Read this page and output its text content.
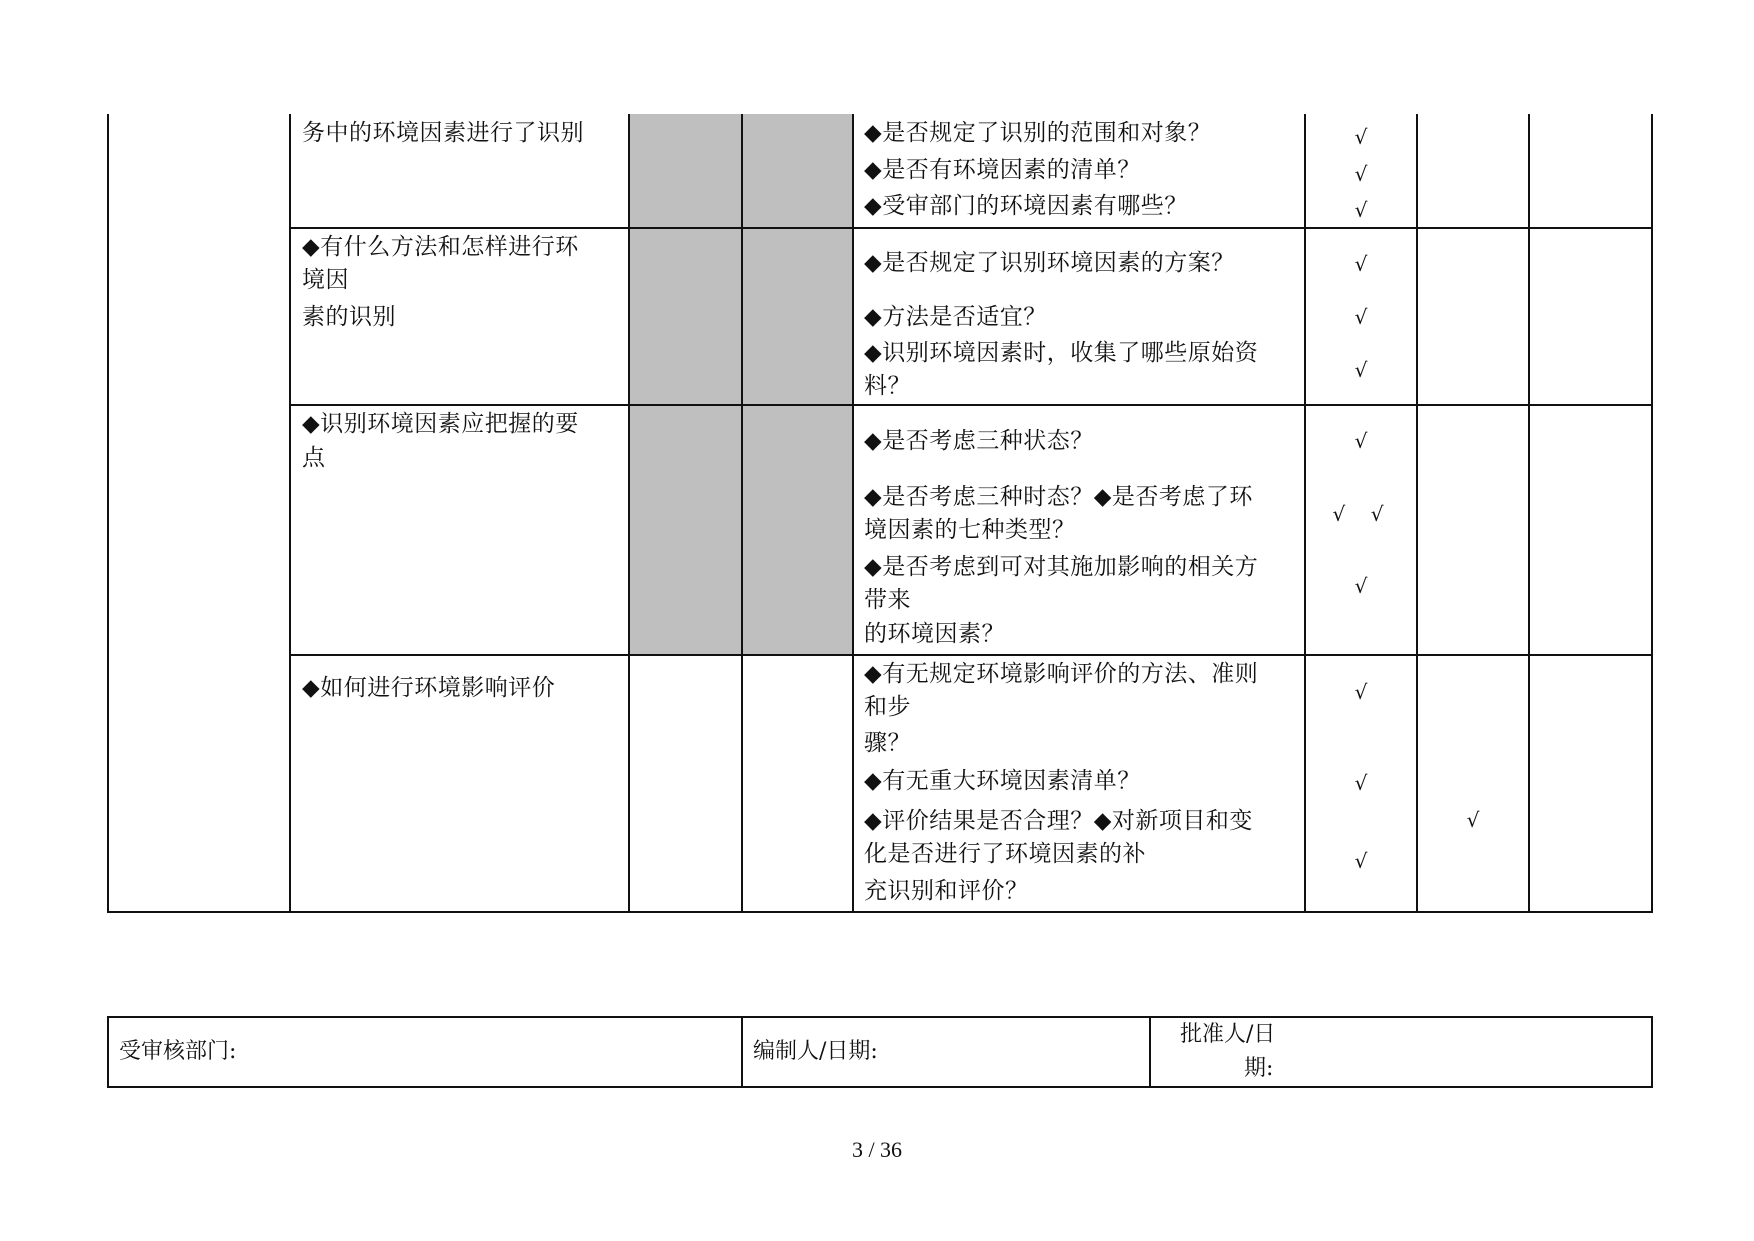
务中的环境因素进行了识别	◆是否规定了识别的范围和对象？
◆是否有环境因素的清单？
◆受审部门的环境因素有哪些？
√
√
√
◆有什么方法和怎样进行环
境因
素的识别
◆是否规定了识别环境因素的方案？
◆方法是否适宜？
◆识别环境因素时，收集了哪些原始资
料？
√
√
√
◆识别环境因素应把握的要
点
◆是否考虑三种状态？
◆是否考虑三种时态？◆是否考虑了环
境因素的七种类型？
◆是否考虑到可对其施加影响的相关方
带来
的环境因素？
√
√    √
√
◆如何进行环境影响评价
◆有无规定环境影响评价的方法、准则
和步
骤？
◆有无重大环境因素清单？
◆评价结果是否合理？◆对新项目和变
化是否进行了环境因素的补
充识别和评价？
√
√
√
√
受审核部门:	编制人/日期:
批准人/日
期:
3 / 36
